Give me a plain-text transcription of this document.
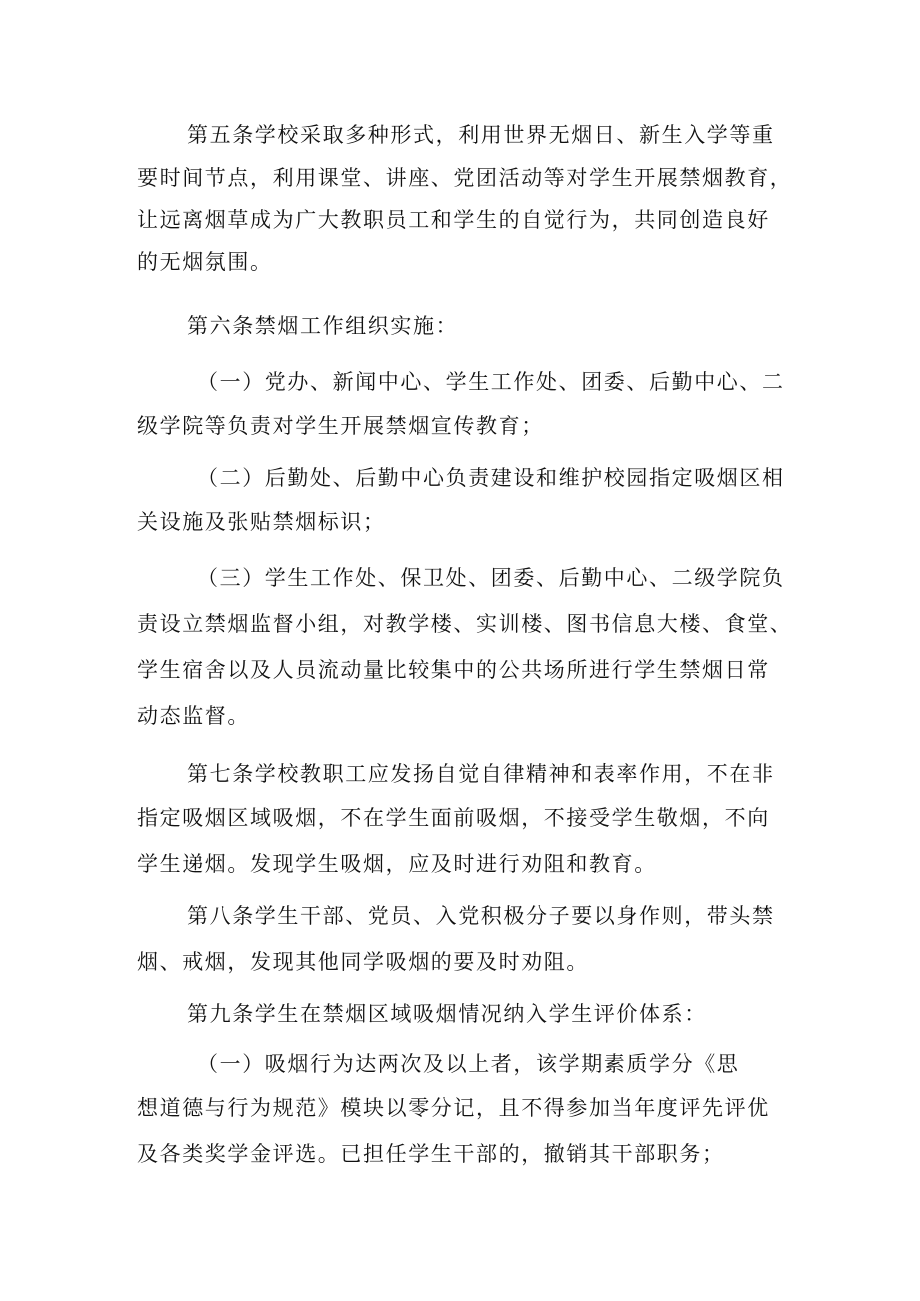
第五条学校采取多种形式，利用世界无烟日、新生入学等重
要时间节点，利用课堂、讲座、党团活动等对学生开展禁烟教育，
让远离烟草成为广大教职员工和学生的自觉行为，共同创造良好
的无烟氛围。
第六条禁烟工作组织实施：
（一）党办、新闻中心、学生工作处、团委、后勤中心、二
级学院等负责对学生开展禁烟宣传教育；
（二）后勤处、后勤中心负责建设和维护校园指定吸烟区相
关设施及张贴禁烟标识；
（三）学生工作处、保卫处、团委、后勤中心、二级学院负
责设立禁烟监督小组，对教学楼、实训楼、图书信息大楼、食堂、
学生宿舍以及人员流动量比较集中的公共场所进行学生禁烟日常
动态监督。
第七条学校教职工应发扬自觉自律精神和表率作用，不在非
指定吸烟区域吸烟，不在学生面前吸烟，不接受学生敬烟，不向
学生递烟。发现学生吸烟，应及时进行劝阻和教育。
第八条学生干部、党员、入党积极分子要以身作则，带头禁
烟、戒烟，发现其他同学吸烟的要及时劝阻。
第九条学生在禁烟区域吸烟情况纳入学生评价体系：
（一）吸烟行为达两次及以上者，该学期素质学分《思
想道德与行为规范》模块以零分记，且不得参加当年度评先评优
及各类奖学金评选。已担任学生干部的，撤销其干部职务；
